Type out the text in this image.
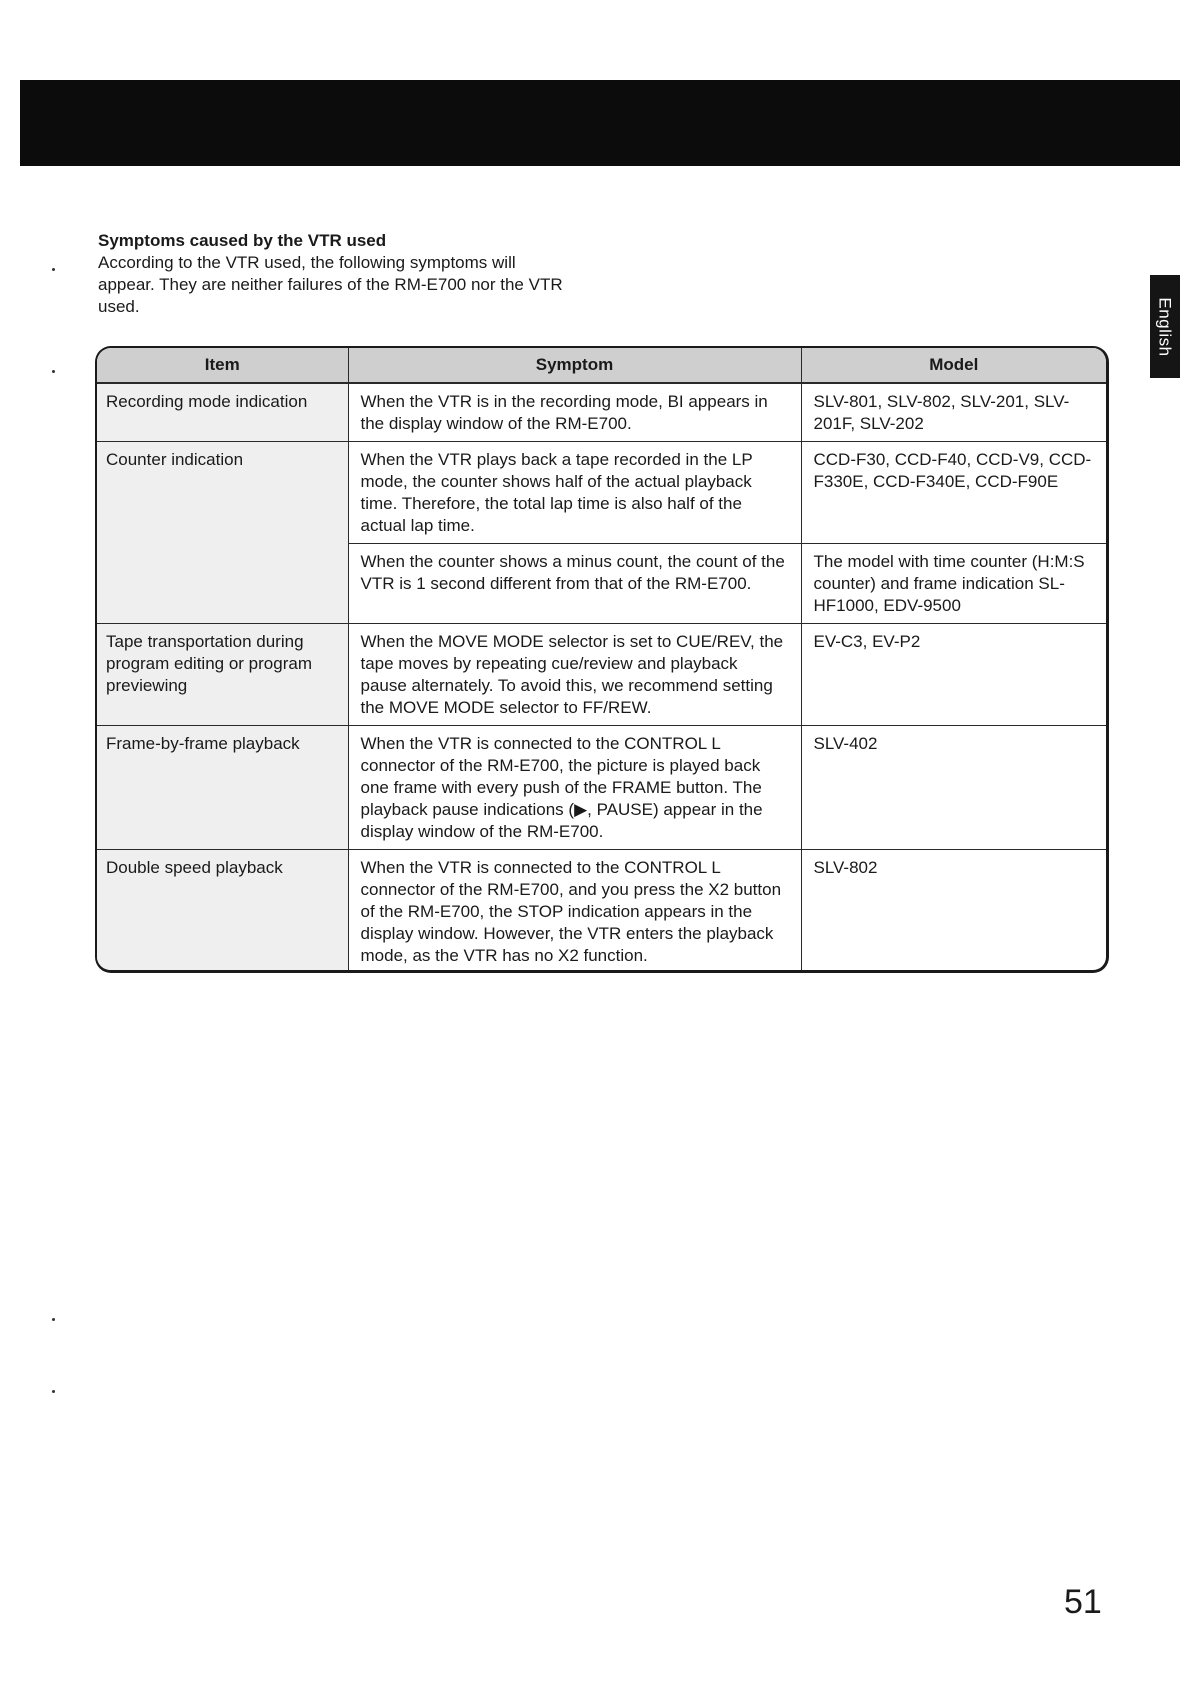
English
Symptoms caused by the VTR used

According to the VTR used, the following symptoms will appear. They are neither failures of the RM-E700 nor the VTR used.

Item	Symptom	Model
Recording mode indication	When the VTR is in the recording mode, BI appears in the display window of the RM-E700.	SLV-801, SLV-802, SLV-201, SLV-201F, SLV-202
Counter indication	When the VTR plays back a tape recorded in the LP mode, the counter shows half of the actual playback time. Therefore, the total lap time is also half of the actual lap time.	CCD-F30, CCD-F40, CCD-V9, CCD-F330E, CCD-F340E, CCD-F90E
	When the counter shows a minus count, the count of the VTR is 1 second different from that of the RM-E700.	The model with time counter (H:M:S counter) and frame indication SL-HF1000, EDV-9500
Tape transportation during program editing or program previewing	When the MOVE MODE selector is set to CUE/REV, the tape moves by repeating cue/review and playback pause alternately. To avoid this, we recommend setting the MOVE MODE selector to FF/REW.	EV-C3, EV-P2
Frame-by-frame playback	When the VTR is connected to the CONTROL L connector of the RM-E700, the picture is played back one frame with every push of the FRAME button. The playback pause indications (▶, PAUSE) appear in the display window of the RM-E700.	SLV-402
Double speed playback	When the VTR is connected to the CONTROL L connector of the RM-E700, and you press the X2 button of the RM-E700, the STOP indication appears in the display window. However, the VTR enters the playback mode, as the VTR has no X2 function.	SLV-802
51
